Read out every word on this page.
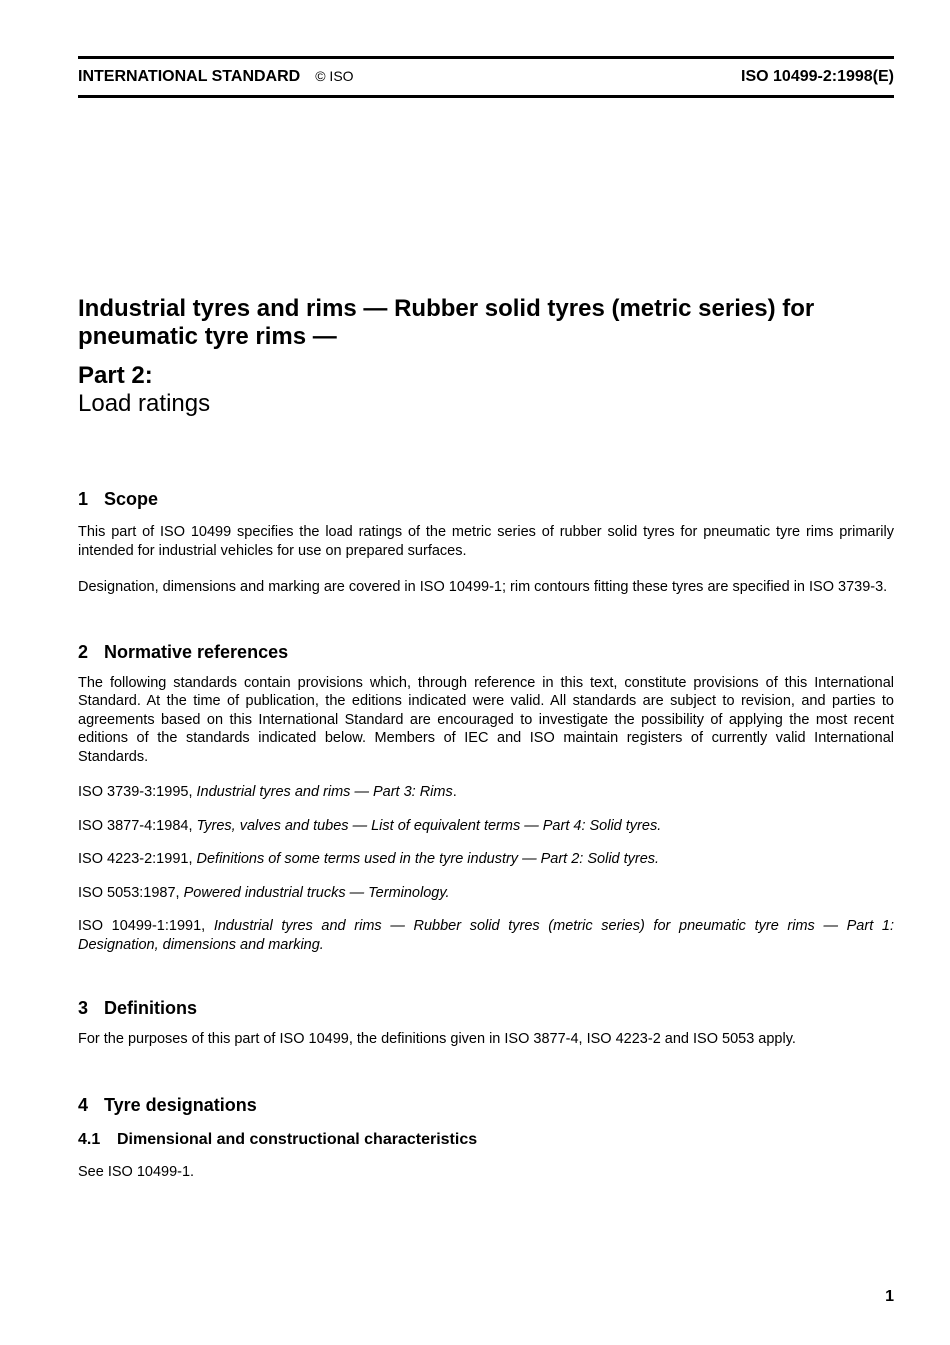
INTERNATIONAL STANDARD © ISO	ISO 10499-2:1998(E)
Industrial tyres and rims — Rubber solid tyres (metric series) for pneumatic tyre rims —
Part 2:
Load ratings
1 Scope

This part of ISO 10499 specifies the load ratings of the metric series of rubber solid tyres for pneumatic tyre rims primarily intended for industrial vehicles for use on prepared surfaces.

Designation, dimensions and marking are covered in ISO 10499-1; rim contours fitting these tyres are specified in ISO 3739-3.

2 Normative references

The following standards contain provisions which, through reference in this text, constitute provisions of this International Standard. At the time of publication, the editions indicated were valid. All standards are subject to revision, and parties to agreements based on this International Standard are encouraged to investigate the possibility of applying the most recent editions of the standards indicated below. Members of IEC and ISO maintain registers of currently valid International Standards.

ISO 3739-3:1995, Industrial tyres and rims — Part 3: Rims.

ISO 3877-4:1984, Tyres, valves and tubes — List of equivalent terms — Part 4: Solid tyres.

ISO 4223-2:1991, Definitions of some terms used in the tyre industry — Part 2: Solid tyres.

ISO 5053:1987, Powered industrial trucks — Terminology.

ISO 10499-1:1991, Industrial tyres and rims — Rubber solid tyres (metric series) for pneumatic tyre rims — Part 1: Designation, dimensions and marking.

3 Definitions

For the purposes of this part of ISO 10499, the definitions given in ISO 3877-4, ISO 4223-2 and ISO 5053 apply.

4 Tyre designations
4.1 Dimensional and constructional characteristics

See ISO 10499-1.

1
